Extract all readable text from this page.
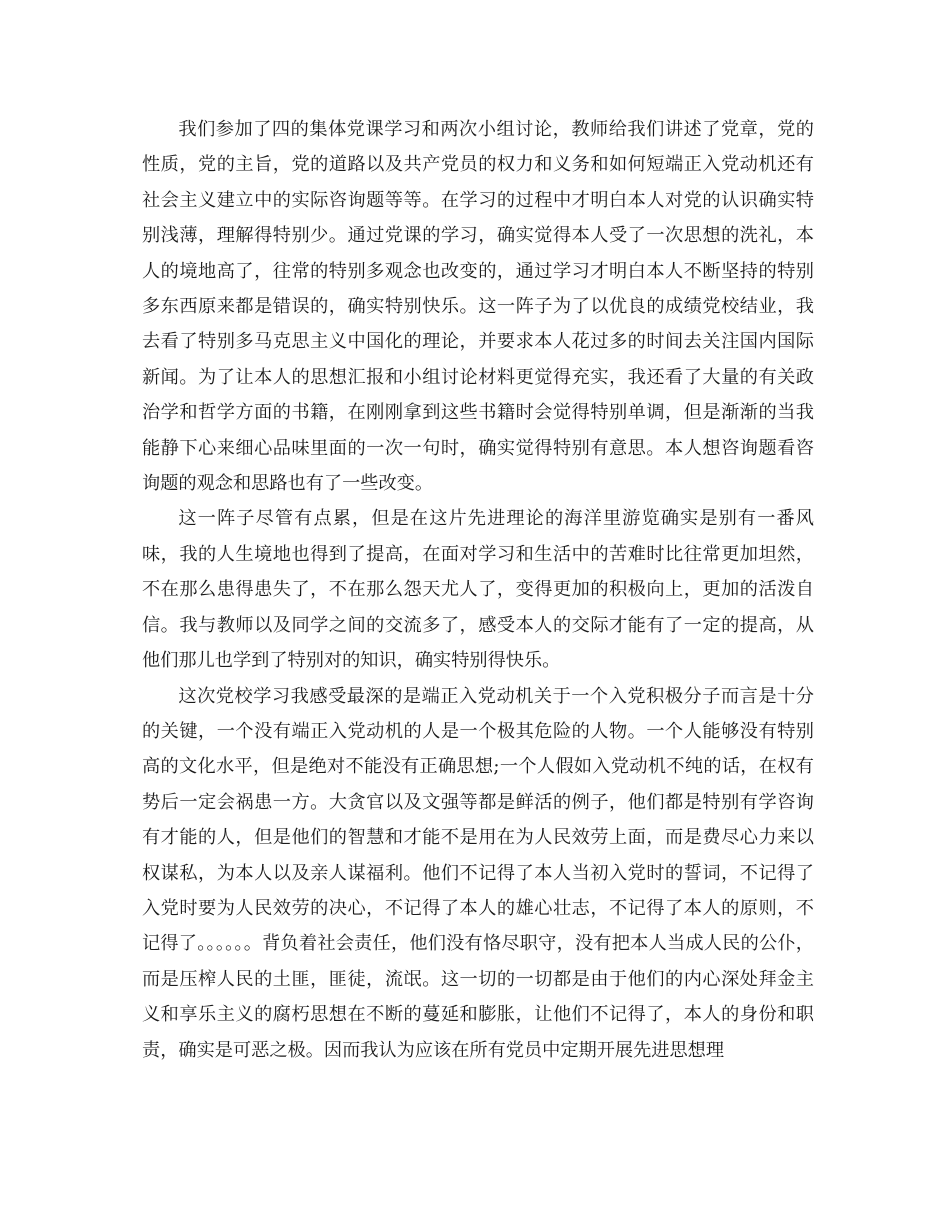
我们参加了四的集体党课学习和两次小组讨论，教师给我们讲述了党章，党的性质，党的主旨，党的道路以及共产党员的权力和义务和如何短端正入党动机还有社会主义建立中的实际咨询题等等。在学习的过程中才明白本人对党的认识确实特别浅薄，理解得特别少。通过党课的学习，确实觉得本人受了一次思想的洗礼，本人的境地高了，往常的特别多观念也改变的，通过学习才明白本人不断坚持的特别多东西原来都是错误的，确实特别快乐。这一阵子为了以优良的成绩党校结业，我去看了特别多马克思主义中国化的理论，并要求本人花过多的时间去关注国内国际新闻。为了让本人的思想汇报和小组讨论材料更觉得充实，我还看了大量的有关政治学和哲学方面的书籍，在刚刚拿到这些书籍时会觉得特别单调，但是渐渐的当我能静下心来细心品味里面的一次一句时，确实觉得特别有意思。本人想咨询题看咨询题的观念和思路也有了一些改变。

这一阵子尽管有点累，但是在这片先进理论的海洋里游览确实是别有一番风味，我的人生境地也得到了提高，在面对学习和生活中的苦难时比往常更加坦然，不在那么患得患失了，不在那么怨天尤人了，变得更加的积极向上，更加的活泼自信。我与教师以及同学之间的交流多了，感受本人的交际才能有了一定的提高，从他们那儿也学到了特别对的知识，确实特别得快乐。

这次党校学习我感受最深的是端正入党动机关于一个入党积极分子而言是十分的关键，一个没有端正入党动机的人是一个极其危险的人物。一个人能够没有特别高的文化水平，但是绝对不能没有正确思想;一个人假如入党动机不纯的话，在权有势后一定会祸患一方。大贪官以及文强等都是鲜活的例子，他们都是特别有学咨询有才能的人，但是他们的智慧和才能不是用在为人民效劳上面，而是费尽心力来以权谋私，为本人以及亲人谋福利。他们不记得了本人当初入党时的誓词，不记得了入党时要为人民效劳的决心，不记得了本人的雄心壮志，不记得了本人的原则，不记得了。。。。。。背负着社会责任，他们没有恪尽职守，没有把本人当成人民的公仆，而是压榨人民的土匪，匪徒，流氓。这一切的一切都是由于他们的内心深处拜金主义和享乐主义的腐朽思想在不断的蔓延和膨胀，让他们不记得了，本人的身份和职责，确实是可恶之极。因而我认为应该在所有党员中定期开展先进思想理
